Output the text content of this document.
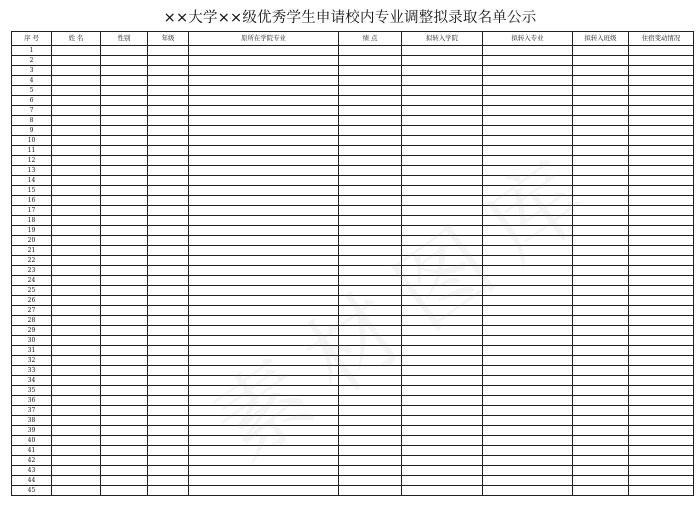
××大学××级优秀学生申请校内专业调整拟录取名单公示
序 号	姓 名	性别	年级	原所在学院专业	绩 点	拟转入学院	拟转入专业	拟转入班级	住宿变动情况
1									
2									
3									
4									
5									
6									
7									
8									
9									
10									
11									
12									
13									
14									
15									
16									
17									
18									
19									
20									
21									
22									
23									
24									
25									
26									
27									
28									
29									
30									
31									
32									
33									
34									
35									
36									
37									
38									
39									
40									
41									
42									
43									
44									
45									
素材图库
